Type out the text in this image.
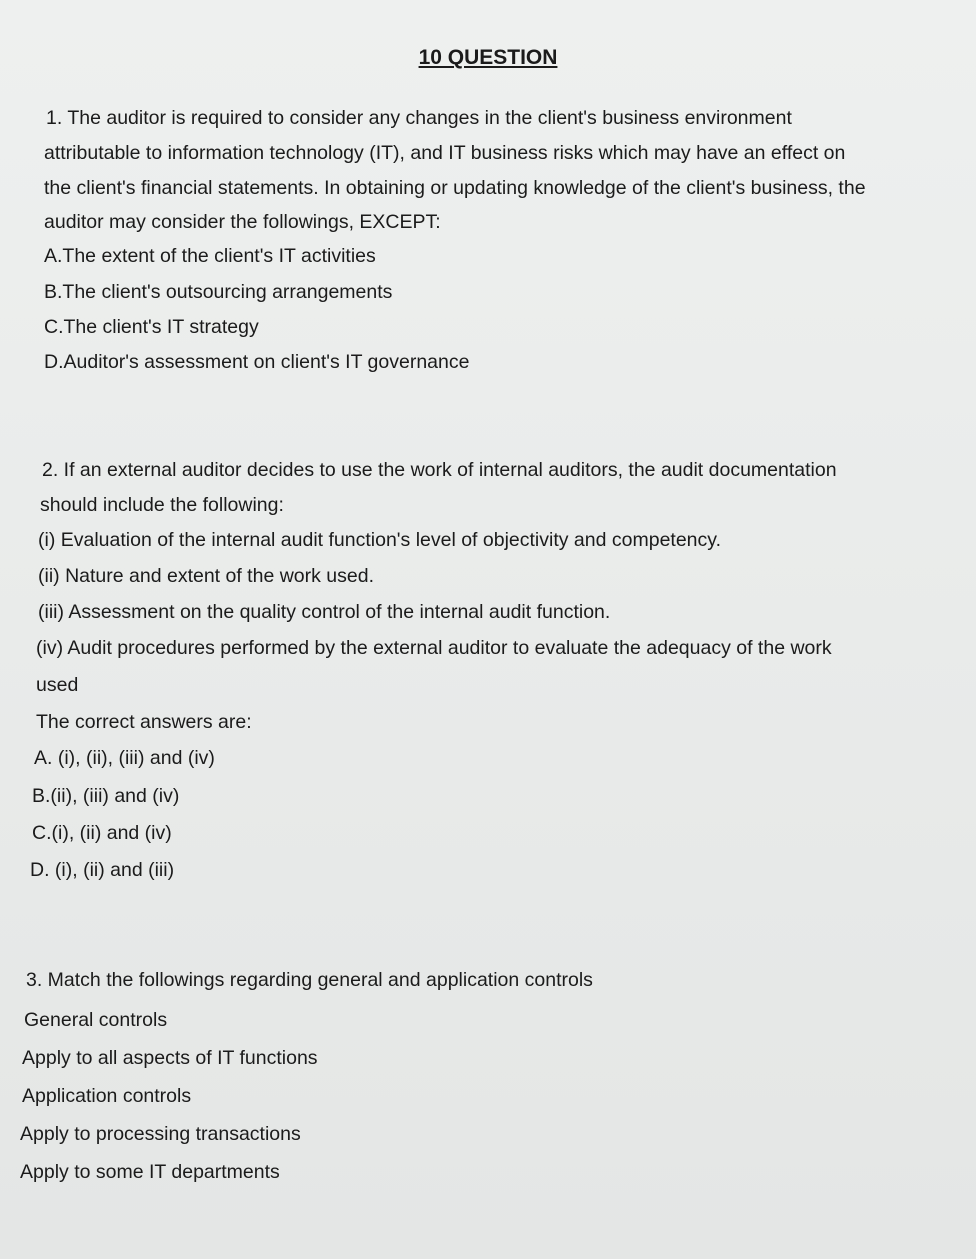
10 QUESTION
1. The auditor is required to consider any changes in the client's business environment
attributable to information technology (IT), and IT business risks which may have an effect on
the client's financial statements. In obtaining or updating knowledge of the client's business, the
auditor may consider the followings, EXCEPT:
A.The extent of the client's IT activities
B.The client's outsourcing arrangements
C.The client's IT strategy
D.Auditor's assessment on client's IT governance
2. If an external auditor decides to use the work of internal auditors, the audit documentation
should include the following:
(i) Evaluation of the internal audit function's level of objectivity and competency.
(ii) Nature and extent of the work used.
(iii) Assessment on the quality control of the internal audit function.
(iv) Audit procedures performed by the external auditor to evaluate the adequacy of the work
used
The correct answers are:
A. (i), (ii), (iii) and (iv)
B.(ii), (iii) and (iv)
C.(i), (ii) and (iv)
D. (i), (ii) and (iii)
3. Match the followings regarding general and application controls
General controls
Apply to all aspects of IT functions
Application controls
Apply to processing transactions
Apply to some IT departments
